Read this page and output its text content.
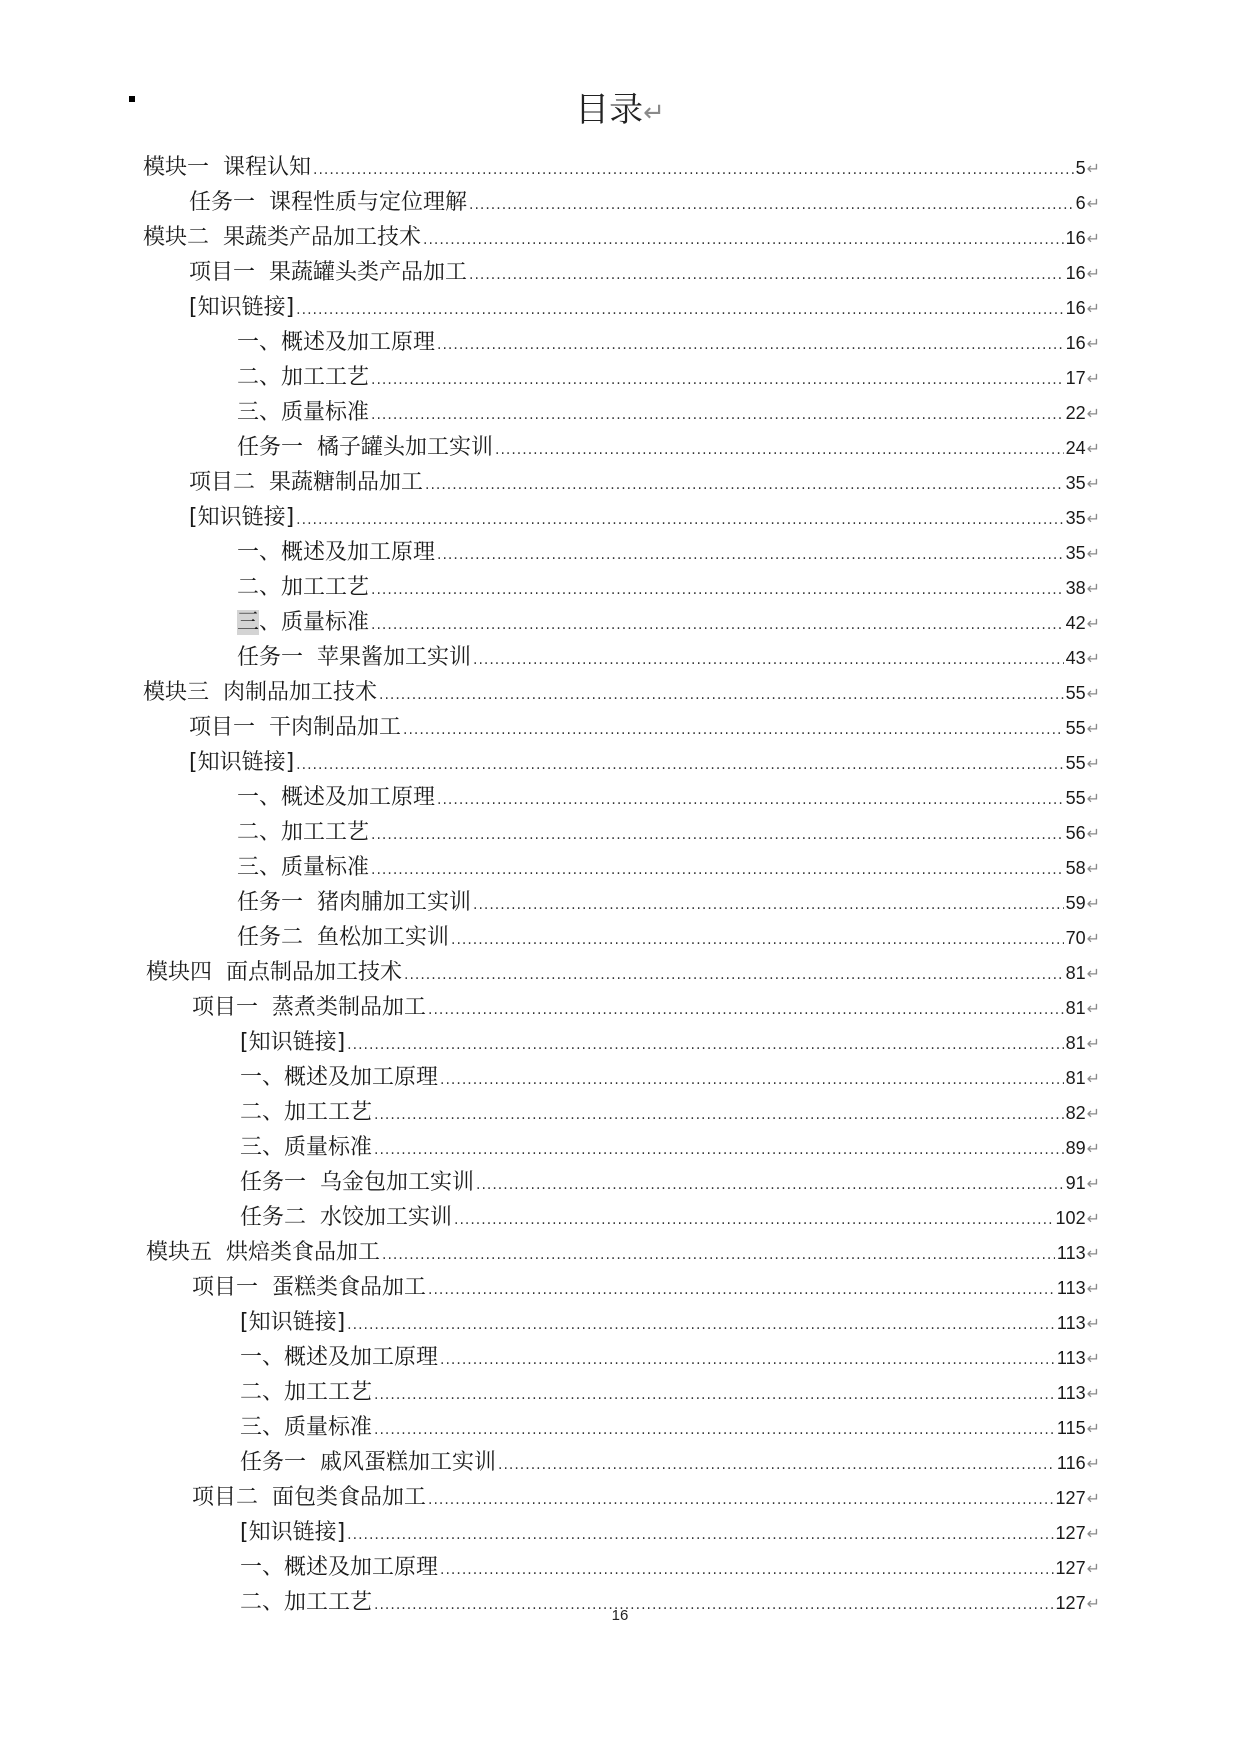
目录↵
模块一  课程认知 .....	5 ↵
任务一  课程性质与定位理解 .....	6 ↵
模块二  果蔬类产品加工技术 .....	16 ↵
项目一  果蔬罐头类产品加工 .....	16 ↵
[知识链接] .....	16 ↵
一、概述及加工原理 .....	16 ↵
二、加工工艺 .....	17 ↵
三、质量标准 .....	22 ↵
任务一  橘子罐头加工实训 .....	24 ↵
项目二  果蔬糖制品加工 .....	35 ↵
[知识链接] .....	35 ↵
一、概述及加工原理 .....	35 ↵
二、加工工艺 .....	38 ↵
三、质量标准 .....	42 ↵
任务一  苹果酱加工实训 .....	43 ↵
模块三  肉制品加工技术 .....	55 ↵
项目一  干肉制品加工 .....	55 ↵
[知识链接] .....	55 ↵
一、概述及加工原理 .....	55 ↵
二、加工工艺 .....	56 ↵
三、质量标准 .....	58 ↵
任务一  猪肉脯加工实训 .....	59 ↵
任务二  鱼松加工实训 .....	70 ↵
模块四  面点制品加工技术 .....	81 ↵
项目一  蒸煮类制品加工 .....	81 ↵
[知识链接] .....	81 ↵
一、概述及加工原理 .....	81 ↵
二、加工工艺 .....	82 ↵
三、质量标准 .....	89 ↵
任务一  乌金包加工实训 .....	91 ↵
任务二  水饺加工实训 .....	102 ↵
模块五  烘焙类食品加工 .....	113 ↵
项目一  蛋糕类食品加工 .....	113 ↵
[知识链接] .....	113 ↵
一、概述及加工原理 .....	113 ↵
二、加工工艺 .....	113 ↵
三、质量标准 .....	115 ↵
任务一  戚风蛋糕加工实训 .....	116 ↵
项目二  面包类食品加工 .....	127 ↵
[知识链接] .....	127 ↵
一、概述及加工原理 .....	127 ↵
二、加工工艺 .....	127 ↵
16
